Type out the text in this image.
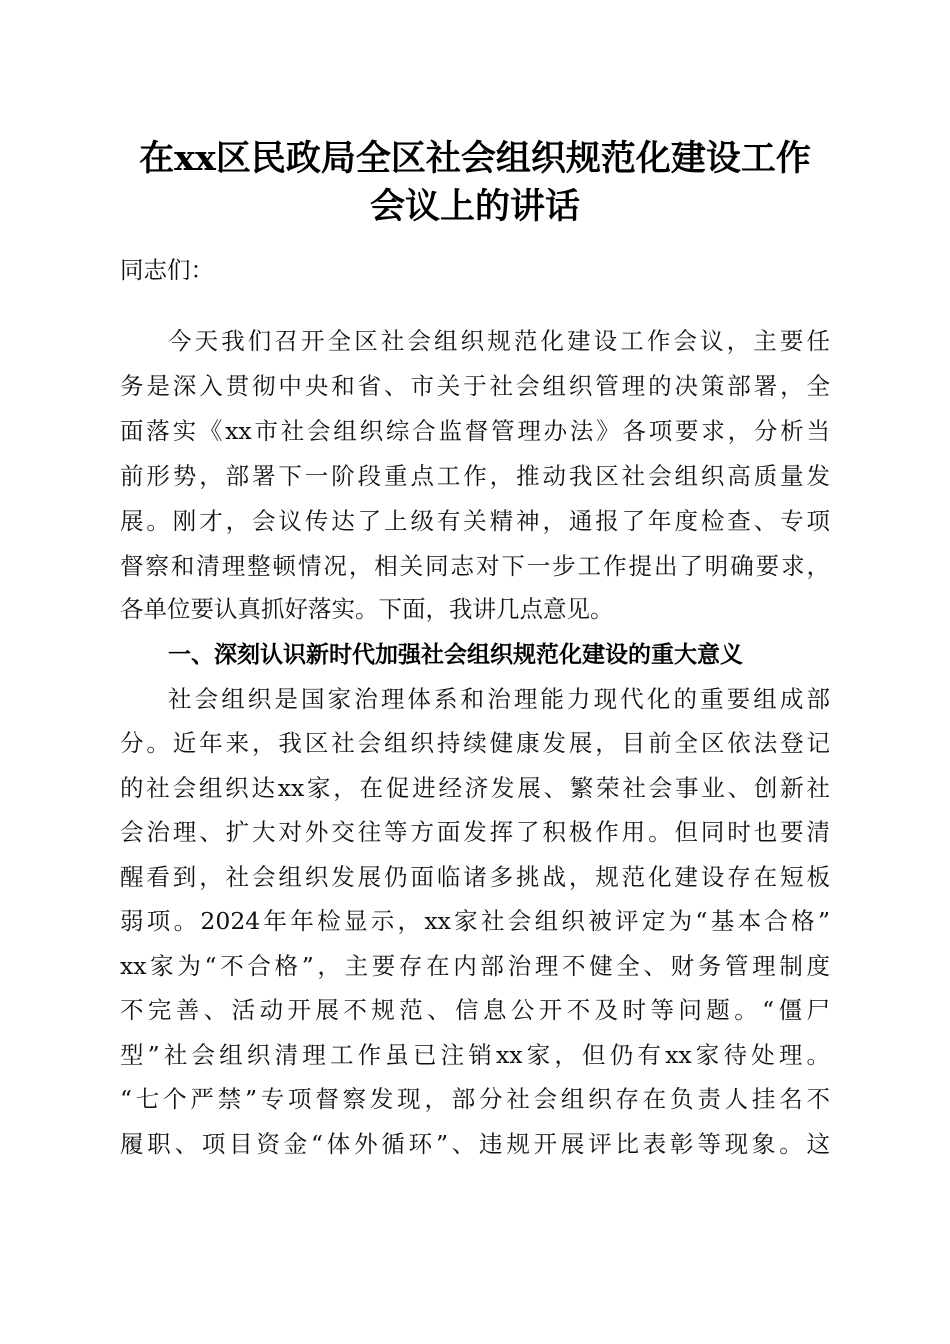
在xx区民政局全区社会组织规范化建设工作
会议上的讲话
同志们：
今天我们召开全区社会组织规范化建设工作会议，主要任
务是深入贯彻中央和省、市关于社会组织管理的决策部署，全
面落实《xx市社会组织综合监督管理办法》各项要求，分析当
前形势，部署下一阶段重点工作，推动我区社会组织高质量发
展。刚才，会议传达了上级有关精神，通报了年度检查、专项
督察和清理整顿情况，相关同志对下一步工作提出了明确要求，
各单位要认真抓好落实。下面，我讲几点意见。
一、深刻认识新时代加强社会组织规范化建设的重大意义
社会组织是国家治理体系和治理能力现代化的重要组成部
分。近年来，我区社会组织持续健康发展，目前全区依法登记
的社会组织达xx家，在促进经济发展、繁荣社会事业、创新社
会治理、扩大对外交往等方面发挥了积极作用。但同时也要清
醒看到，社会组织发展仍面临诸多挑战，规范化建设存在短板
弱项。2024年年检显示，xx家社会组织被评定为“基本合格”
xx家为“不合格”，主要存在内部治理不健全、财务管理制度
不完善、活动开展不规范、信息公开不及时等问题。“僵尸
型”社会组织清理工作虽已注销xx家，但仍有xx家待处理。
“七个严禁”专项督察发现，部分社会组织存在负责人挂名不
履职、项目资金“体外循环”、违规开展评比表彰等现象。这
